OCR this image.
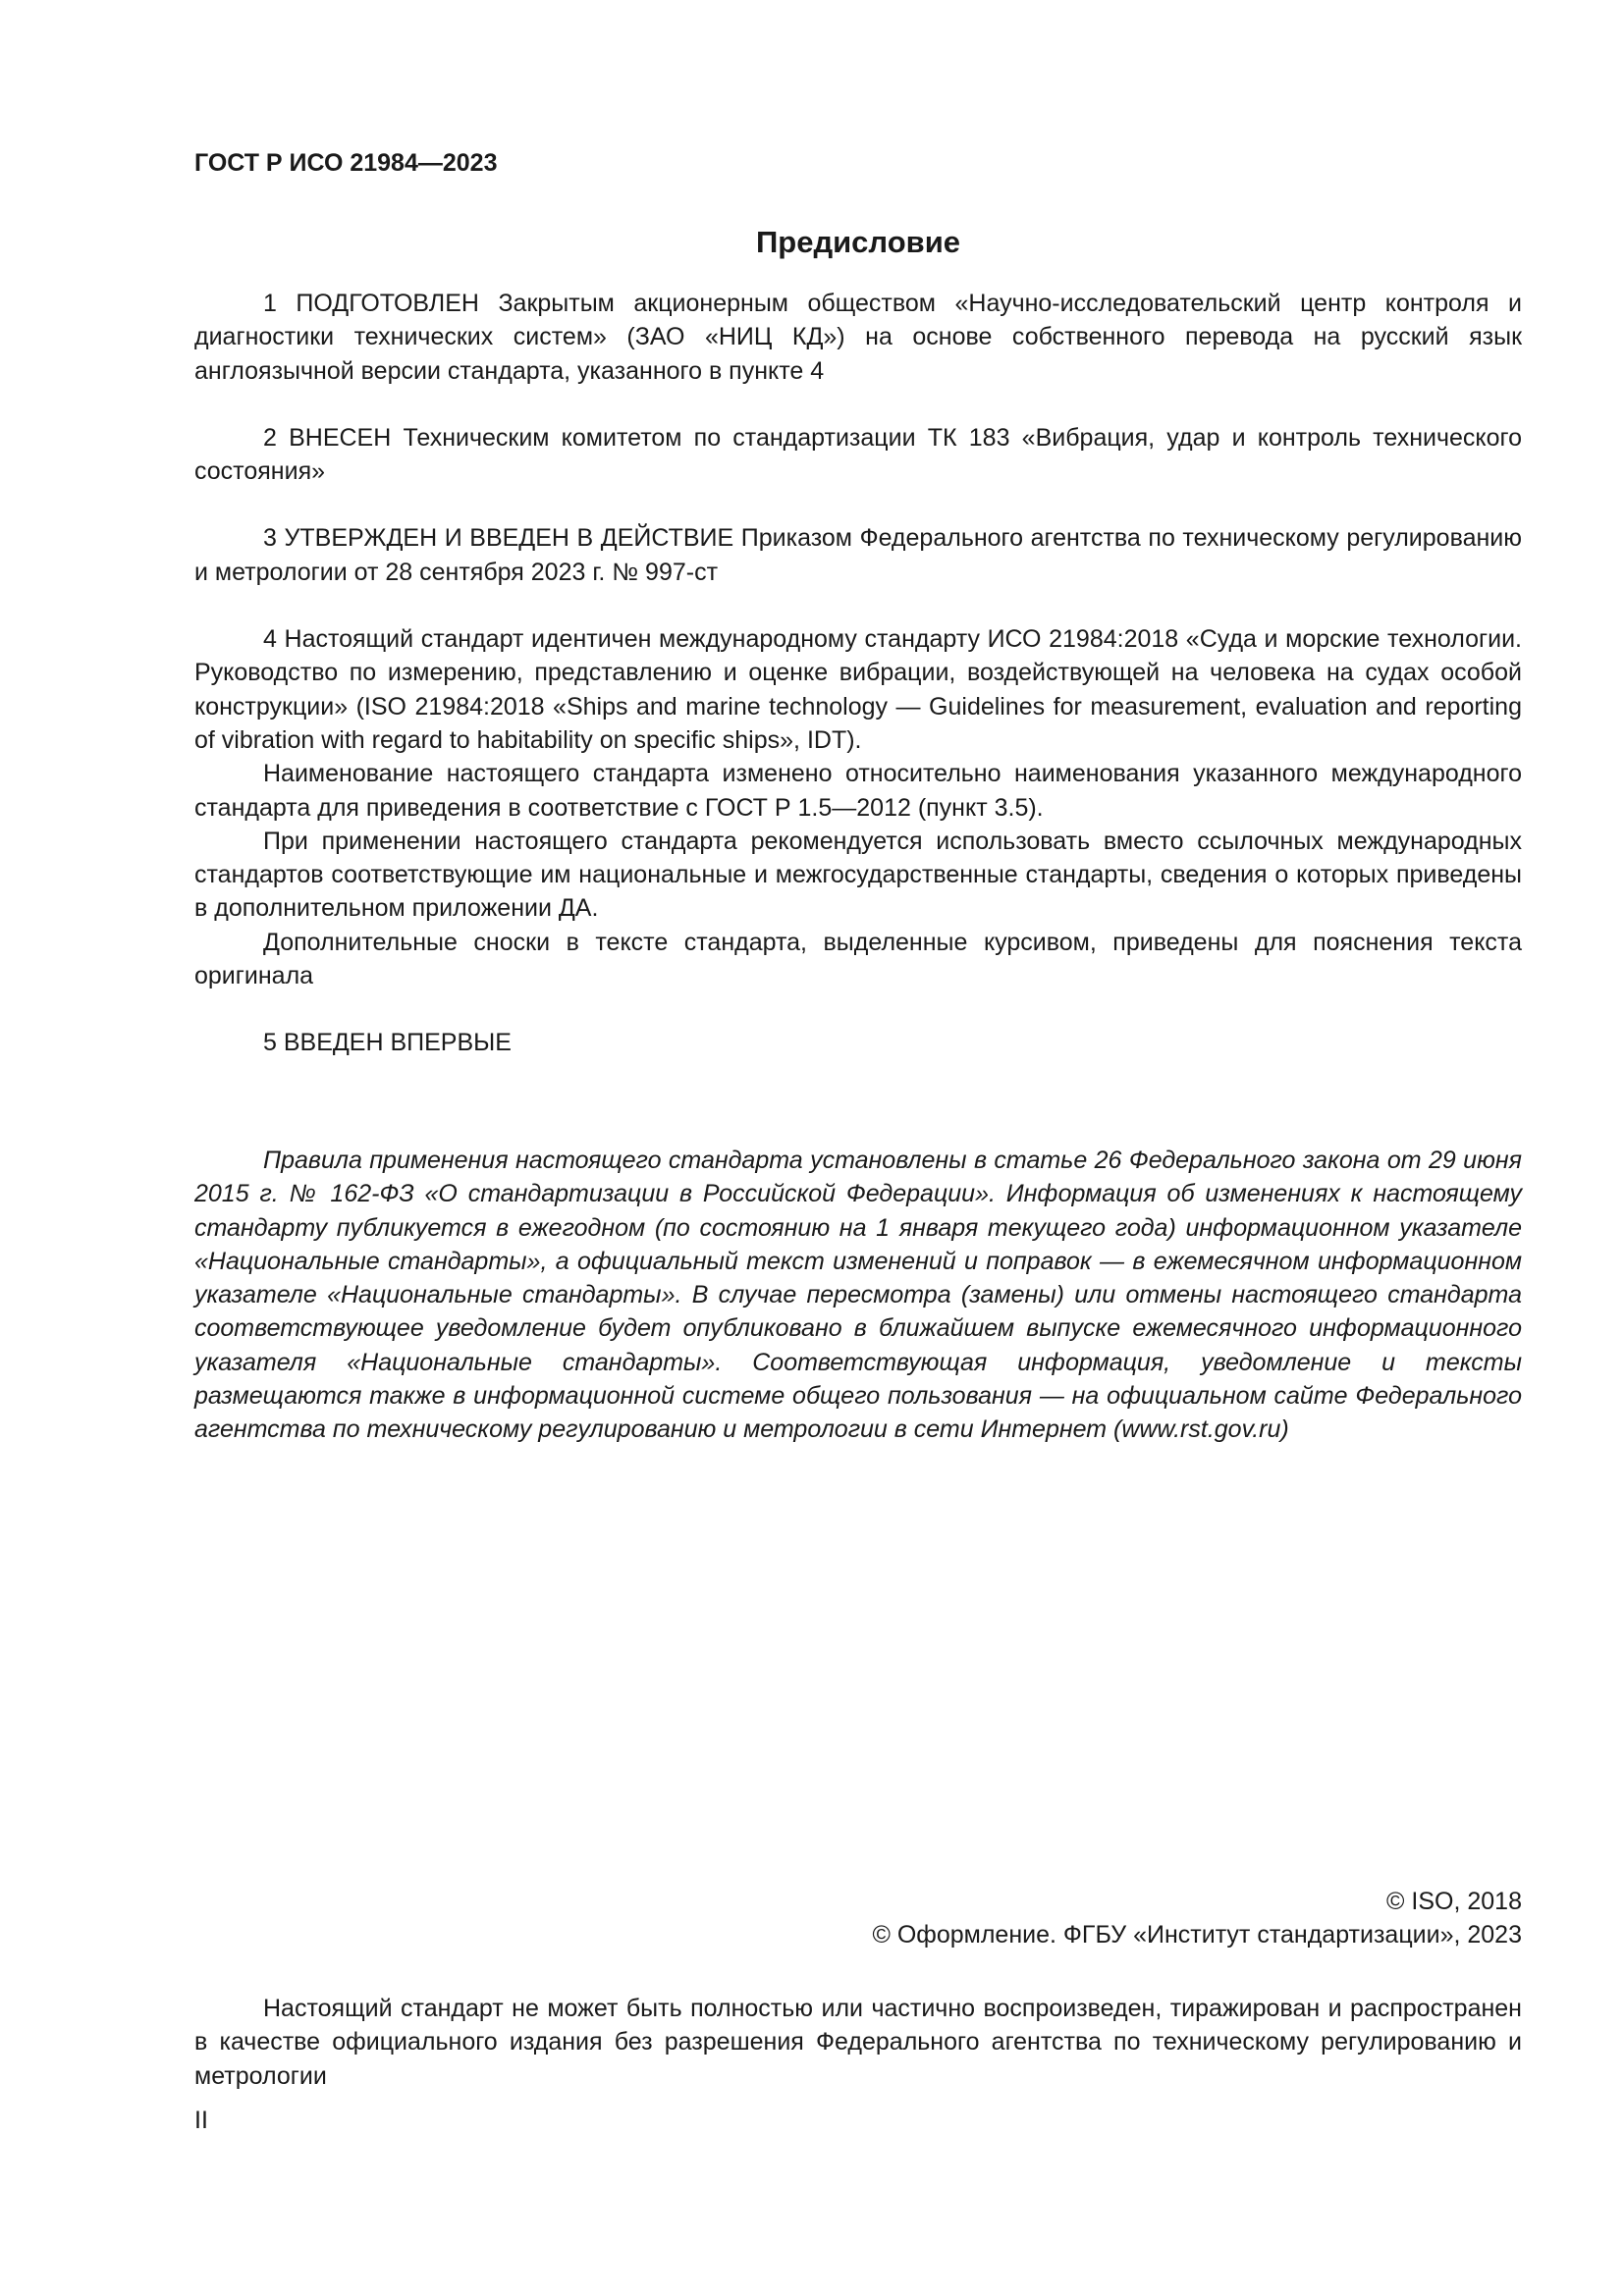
ГОСТ Р ИСО 21984—2023
Предисловие

1 ПОДГОТОВЛЕН Закрытым акционерным обществом «Научно-исследовательский центр контроля и диагностики технических систем» (ЗАО «НИЦ КД») на основе собственного перевода на русский язык англоязычной версии стандарта, указанного в пункте 4

2 ВНЕСЕН Техническим комитетом по стандартизации ТК 183 «Вибрация, удар и контроль технического состояния»

3 УТВЕРЖДЕН И ВВЕДЕН В ДЕЙСТВИЕ Приказом Федерального агентства по техническому регулированию и метрологии от 28 сентября 2023 г. № 997-ст

4 Настоящий стандарт идентичен международному стандарту ИСО 21984:2018 «Суда и морские технологии. Руководство по измерению, представлению и оценке вибрации, воздействующей на человека на судах особой конструкции» (ISO 21984:2018 «Ships and marine technology — Guidelines for measurement, evaluation and reporting of vibration with regard to habitability on specific ships», IDT).

Наименование настоящего стандарта изменено относительно наименования указанного международного стандарта для приведения в соответствие с ГОСТ Р 1.5—2012 (пункт 3.5).

При применении настоящего стандарта рекомендуется использовать вместо ссылочных международных стандартов соответствующие им национальные и межгосударственные стандарты, сведения о которых приведены в дополнительном приложении ДА.

Дополнительные сноски в тексте стандарта, выделенные курсивом, приведены для пояснения текста оригинала

5 ВВЕДЕН ВПЕРВЫЕ

Правила применения настоящего стандарта установлены в статье 26 Федерального закона от 29 июня 2015 г. № 162-ФЗ «О стандартизации в Российской Федерации». Информация об изменениях к настоящему стандарту публикуется в ежегодном (по состоянию на 1 января текущего года) информационном указателе «Национальные стандарты», а официальный текст изменений и поправок — в ежемесячном информационном указателе «Национальные стандарты». В случае пересмотра (замены) или отмены настоящего стандарта соответствующее уведомление будет опубликовано в ближайшем выпуске ежемесячного информационного указателя «Национальные стандарты». Соответствующая информация, уведомление и тексты размещаются также в информационной системе общего пользования — на официальном сайте Федерального агентства по техническому регулированию и метрологии в сети Интернет (www.rst.gov.ru)

© ISO, 2018
© Оформление. ФГБУ «Институт стандартизации», 2023

Настоящий стандарт не может быть полностью или частично воспроизведен, тиражирован и распространен в качестве официального издания без разрешения Федерального агентства по техническому регулированию и метрологии

II
